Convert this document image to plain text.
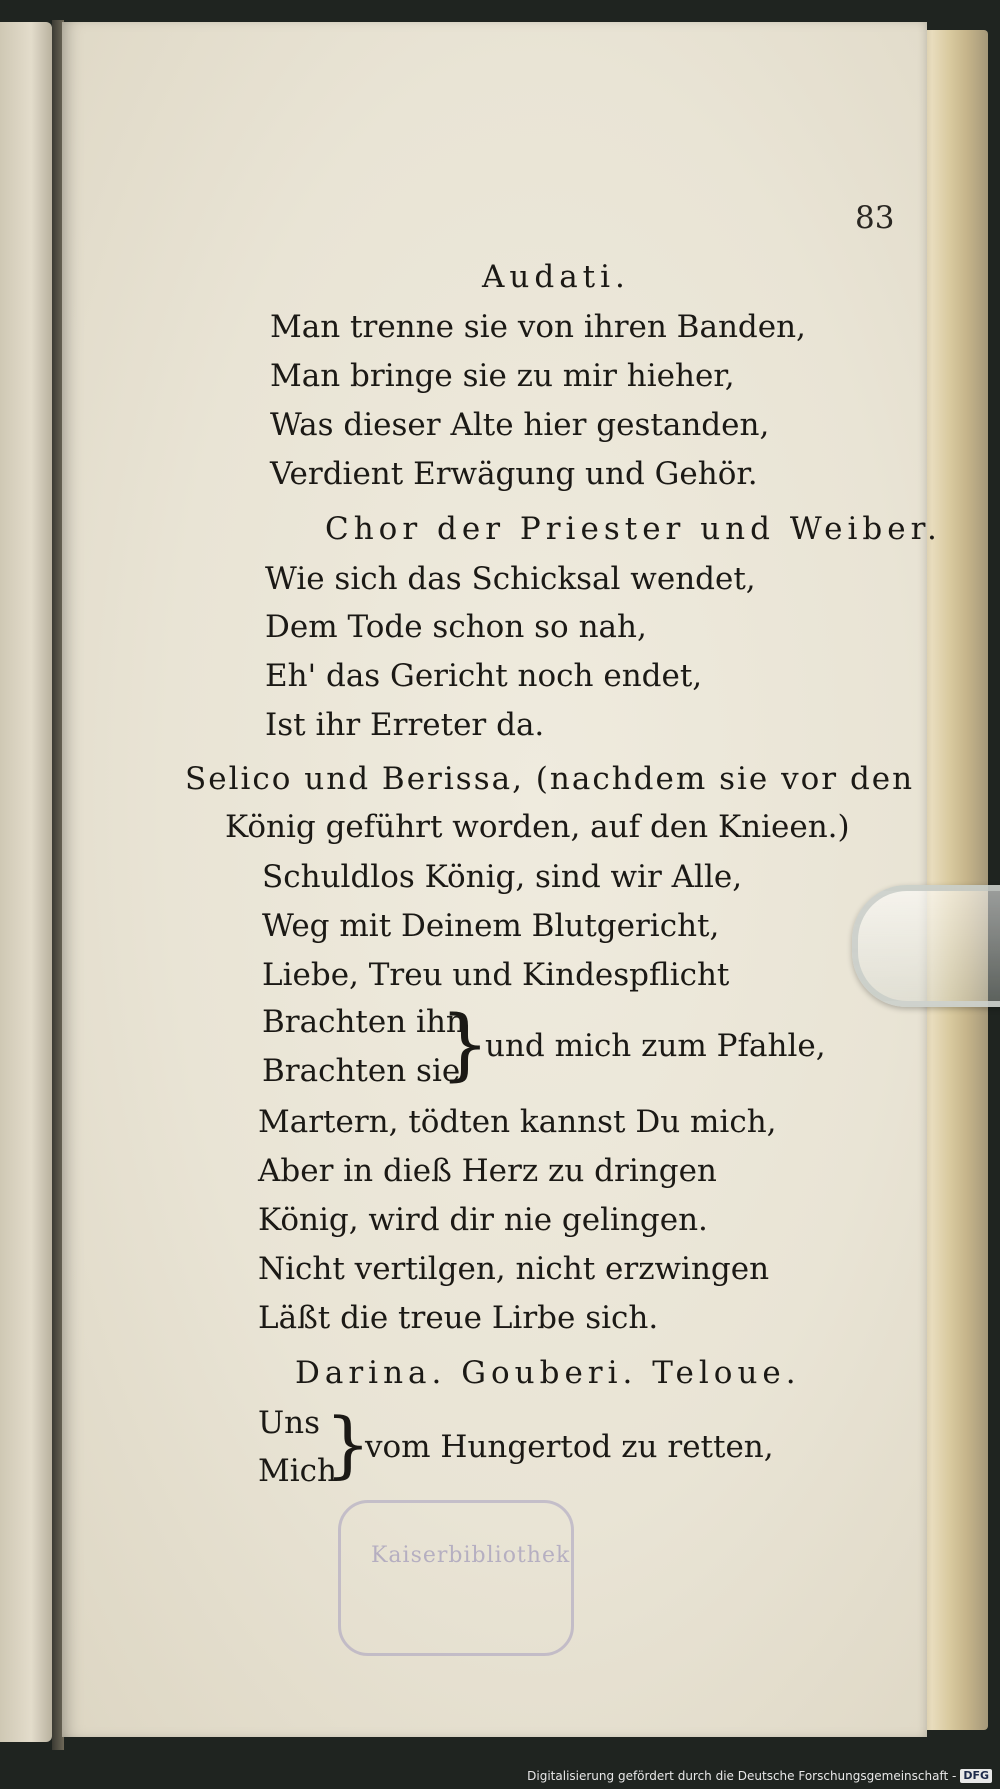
Kaiserbibliothek
83
Audati.
Man trenne sie von ihren Banden,
Man bringe sie zu mir hieher,
Was dieser Alte hier gestanden,
Verdient Erwägung und Gehör.
Chor der Priester und Weiber.
Wie sich das Schicksal wendet,
Dem Tode schon so nah,
Eh' das Gericht noch endet,
Ist ihr Erreter da.
Selico und Berissa, (nachdem sie vor den
König geführt worden, auf den Knieen.)
Schuldlos König, sind wir Alle,
Weg mit Deinem Blutgericht,
Liebe, Treu und Kindespflicht
Brachten ihn
Brachten sie
}
und mich zum Pfahle,
Martern, tödten kannst Du mich,
Aber in dieß Herz zu dringen
König, wird dir nie gelingen.
Nicht vertilgen, nicht erzwingen
Läßt die treue Lirbe sich.
Darina. Gouberi. Teloue.
Uns
Mich
}
vom Hungertod zu retten,
Digitalisierung gefördert durch die Deutsche Forschungsgemeinschaft - DFG
